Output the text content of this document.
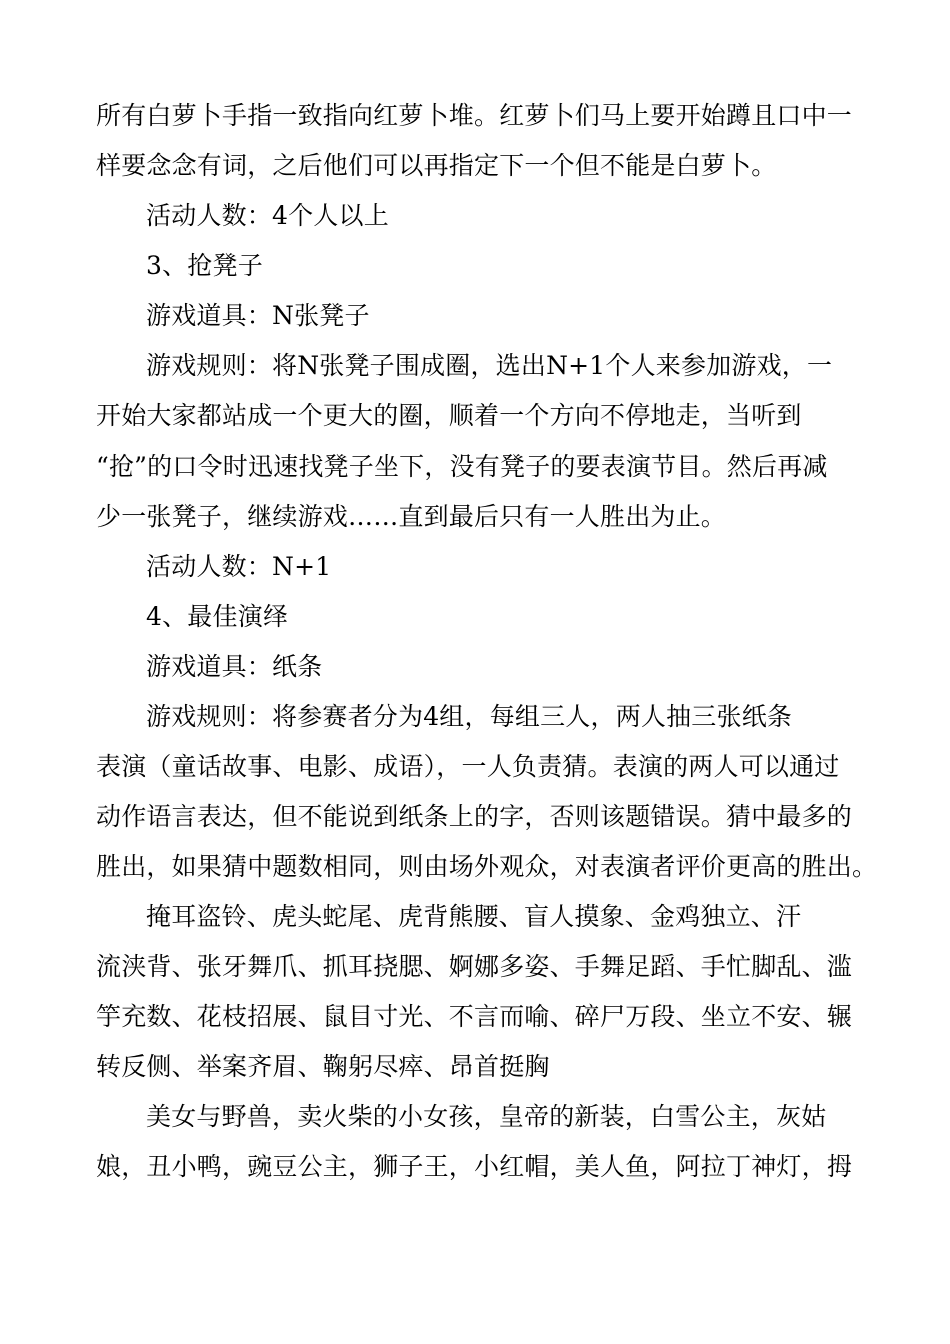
所有白萝卜手指一致指向红萝卜堆。红萝卜们马上要开始蹲且口中一
样要念念有词，之后他们可以再指定下一个但不能是白萝卜。
活动人数：4个人以上
3、抢凳子
游戏道具：N张凳子
游戏规则：将N张凳子围成圈，选出N+1个人来参加游戏，一
开始大家都站成一个更大的圈，顺着一个方向不停地走，当听到
“抢”的口令时迅速找凳子坐下，没有凳子的要表演节目。然后再减
少一张凳子，继续游戏……直到最后只有一人胜出为止。
活动人数：N+1
4、最佳演绎
游戏道具：纸条
游戏规则：将参赛者分为4组，每组三人，两人抽三张纸条
表演（童话故事、电影、成语），一人负责猜。表演的两人可以通过
动作语言表达，但不能说到纸条上的字，否则该题错误。猜中最多的
胜出，如果猜中题数相同，则由场外观众，对表演者评价更高的胜出。
掩耳盗铃、虎头蛇尾、虎背熊腰、盲人摸象、金鸡独立、汗
流浃背、张牙舞爪、抓耳挠腮、婀娜多姿、手舞足蹈、手忙脚乱、滥
竽充数、花枝招展、鼠目寸光、不言而喻、碎尸万段、坐立不安、辗
转反侧、举案齐眉、鞠躬尽瘁、昂首挺胸
美女与野兽，卖火柴的小女孩，皇帝的新装，白雪公主，灰姑
娘，丑小鸭，豌豆公主，狮子王，小红帽，美人鱼，阿拉丁神灯，拇
